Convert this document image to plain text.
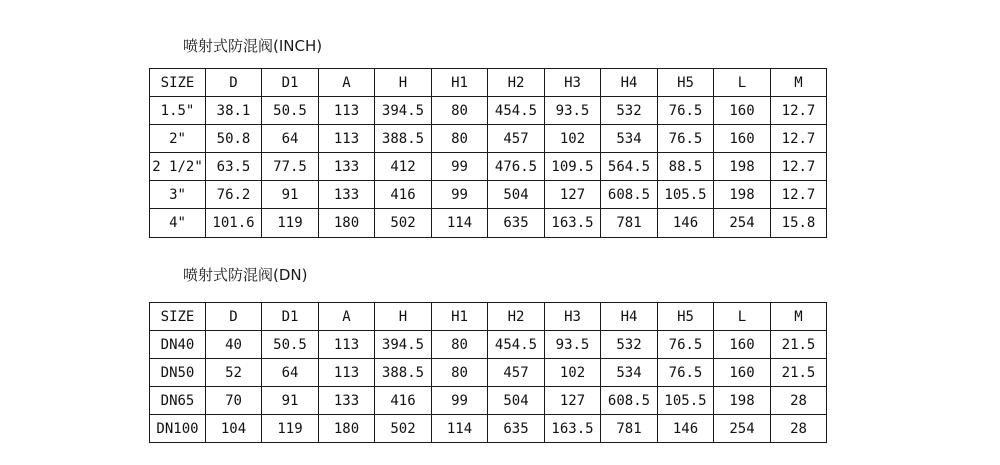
喷射式防混阀(INCH)
SIZE	D	D1	A	H	H1	H2	H3	H4	H5	L	M
1.5"	38.1	50.5	113	394.5	80	454.5	93.5	532	76.5	160	12.7
2"	50.8	64	113	388.5	80	457	102	534	76.5	160	12.7
2 1/2"	63.5	77.5	133	412	99	476.5	109.5	564.5	88.5	198	12.7
3"	76.2	91	133	416	99	504	127	608.5	105.5	198	12.7
4"	101.6	119	180	502	114	635	163.5	781	146	254	15.8
喷射式防混阀(DN)
SIZE	D	D1	A	H	H1	H2	H3	H4	H5	L	M
DN40	40	50.5	113	394.5	80	454.5	93.5	532	76.5	160	21.5
DN50	52	64	113	388.5	80	457	102	534	76.5	160	21.5
DN65	70	91	133	416	99	504	127	608.5	105.5	198	28
DN100	104	119	180	502	114	635	163.5	781	146	254	28
